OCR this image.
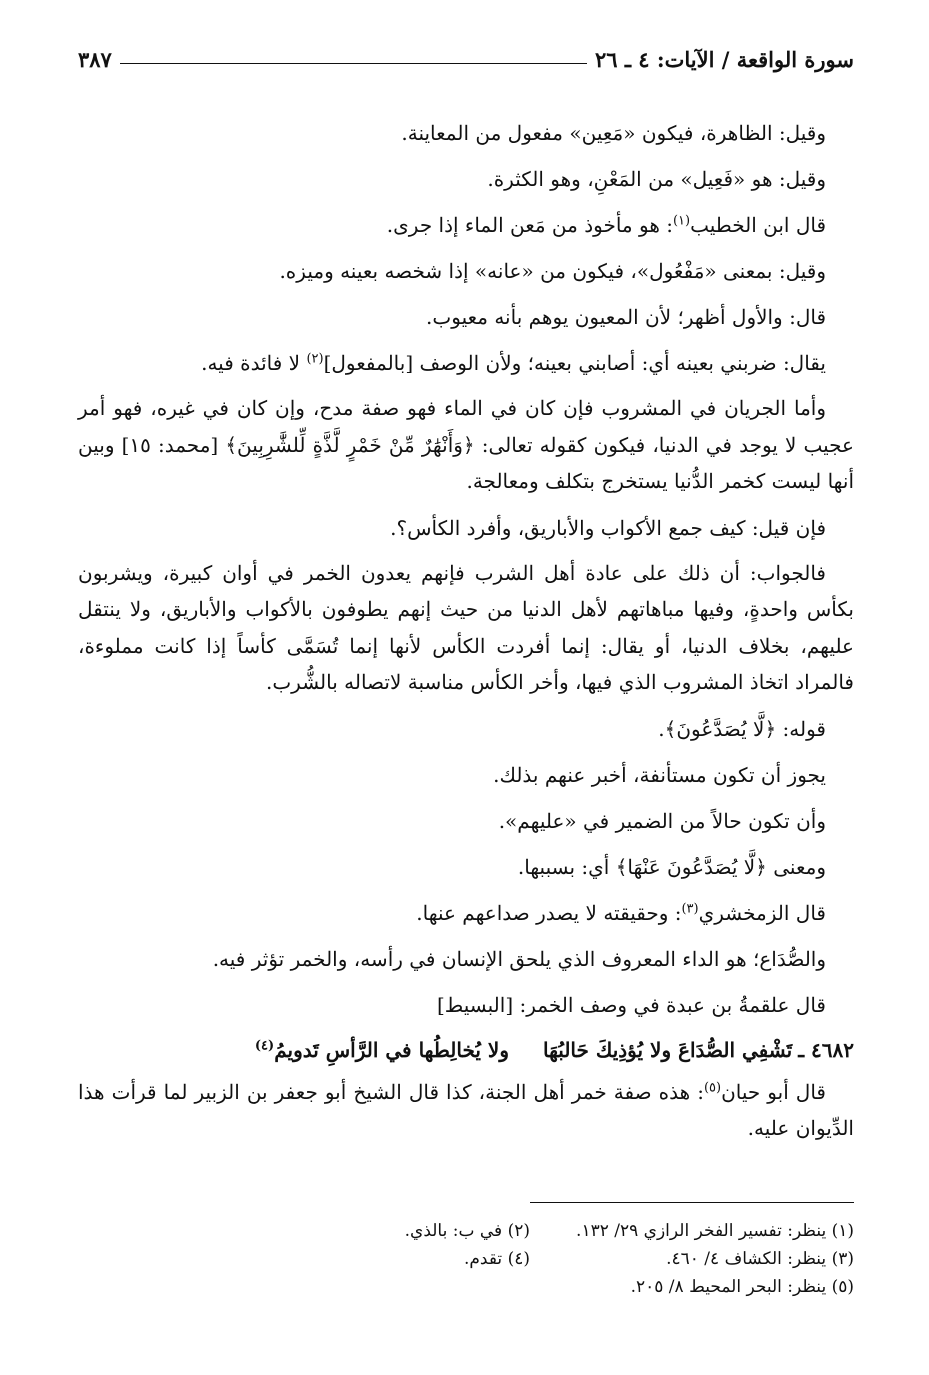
سورة الواقعة / الآيات: ٤ ـ ٢٦
٣٨٧

وقيل: الظاهرة، فيكون «مَعِين» مفعول من المعاينة.

وقيل: هو «فَعِيل» من المَعْنِ، وهو الكثرة.

قال ابن الخطيب$^{(١)}$: هو مأخوذ من مَعن الماء إذا جرى.

وقيل: بمعنى «مَفْعُول»، فيكون من «عانه» إذا شخصه بعينه وميزه.

قال: والأول أظهر؛ لأن المعيون يوهم بأنه معيوب.

يقال: ضربني بعينه أي: أصابني بعينه؛ ولأن الوصف [بالمفعول]$^{(٢)}$ لا فائدة فيه.

وأما الجريان في المشروب فإن كان في الماء فهو صفة مدح، وإن كان في غيره، فهو أمر عجيب لا يوجد في الدنيا، فيكون كقوله تعالى: ﴿وَأَنْهَٰرٌ مِّنْ خَمْرٍ لَّذَّةٍ لِّلشَّٰرِبِينَ﴾ [محمد: ١٥] وبين أنها ليست كخمر الدُّنيا يستخرج بتكلف ومعالجة.

فإن قيل: كيف جمع الأكواب والأباريق، وأفرد الكأس؟.

فالجواب: أن ذلك على عادة أهل الشرب فإنهم يعدون الخمر في أوان كبيرة، ويشربون بكأس واحدةٍ، وفيها مباهاتهم لأهل الدنيا من حيث إنهم يطوفون بالأكواب والأباريق، ولا ينتقل عليهم، بخلاف الدنيا، أو يقال: إنما أفردت الكأس لأنها إنما تُسَمَّى كأساً إذا كانت مملوءة، فالمراد اتخاذ المشروب الذي فيها، وأخر الكأس مناسبة لاتصاله بالشُّرب.

قوله: ﴿لَّا يُصَدَّعُونَ﴾.

يجوز أن تكون مستأنفة، أخبر عنهم بذلك.

وأن تكون حالاً من الضمير في «عليهم».

ومعنى ﴿لَّا يُصَدَّعُونَ عَنْهَا﴾ أي: بسببها.

قال الزمخشري$^{(٣)}$: وحقيقته لا يصدر صداعهم عنها.

والصُّدَاع؛ هو الداء المعروف الذي يلحق الإنسان في رأسه، والخمر تؤثر فيه.

قال علقمةُ بن عبدة في وصف الخمر: [البسيط]

٤٦٨٢ ـ
تَشْفِي الصُّدَاعَ ولا يُؤذِيكَ حَالبُهَا
ولا يُخالِطُها في الرَّأسِ تَدويمُ$^{(٤)}$

قال أبو حيان$^{(٥)}$: هذه صفة خمر أهل الجنة، كذا قال الشيخ أبو جعفر بن الزبير لما قرأت هذا الدِّيوان عليه.

(١) ينظر: تفسير الفخر الرازي ٢٩/ ١٣٢.
(٢) في ب: بالذي.
(٣) ينظر: الكشاف ٤/ ٤٦٠.
(٤) تقدم.
(٥) ينظر: البحر المحيط ٨/ ٢٠٥.
